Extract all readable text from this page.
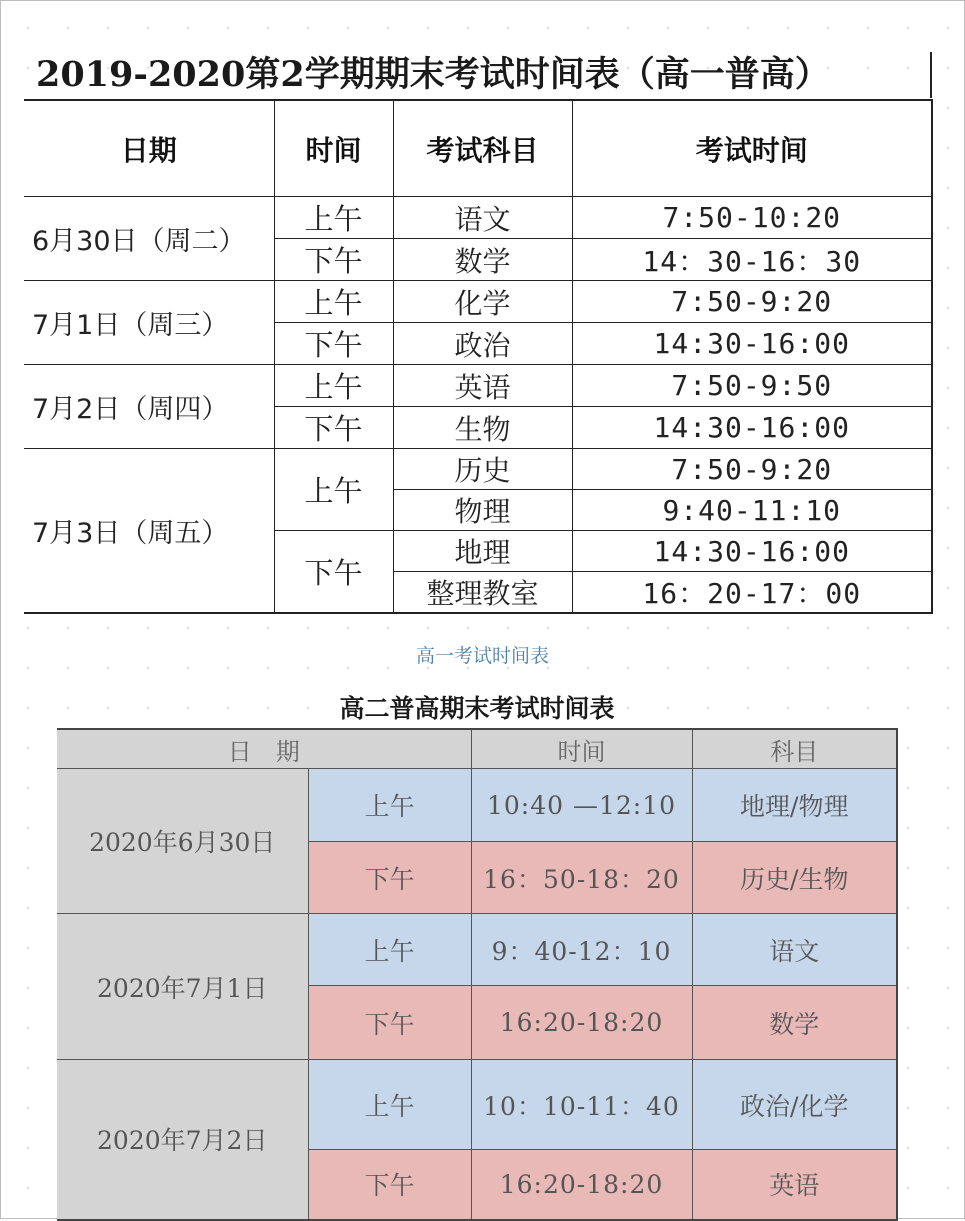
2019-2020第2学期期末考试时间表（高一普高）
日期	时间	考试科目	考试时间
6月30日（周二）	上午	语文	7:50-10:20
	下午	数学	14：30-16：30
7月1日（周三）	上午	化学	7:50-9:20
	下午	政治	14:30-16:00
7月2日（周四）	上午	英语	7:50-9:50
	下午	生物	14:30-16:00
7月3日（周五）	上午	历史	7:50-9:20
		物理	9:40-11:10
	下午	地理	14:30-16:00
		整理教室	16：20-17：00
高一考试时间表
高二普高期末考试时间表
日　期		时间	科目
2020年6月30日	上午	10:40 —12:10	地理/物理
	下午	16：50-18：20	历史/生物
2020年7月1日	上午	9：40-12：10	语文
	下午	16:20-18:20	数学
2020年7月2日	上午	10：10-11：40	政治/化学
	下午	16:20-18:20	英语
